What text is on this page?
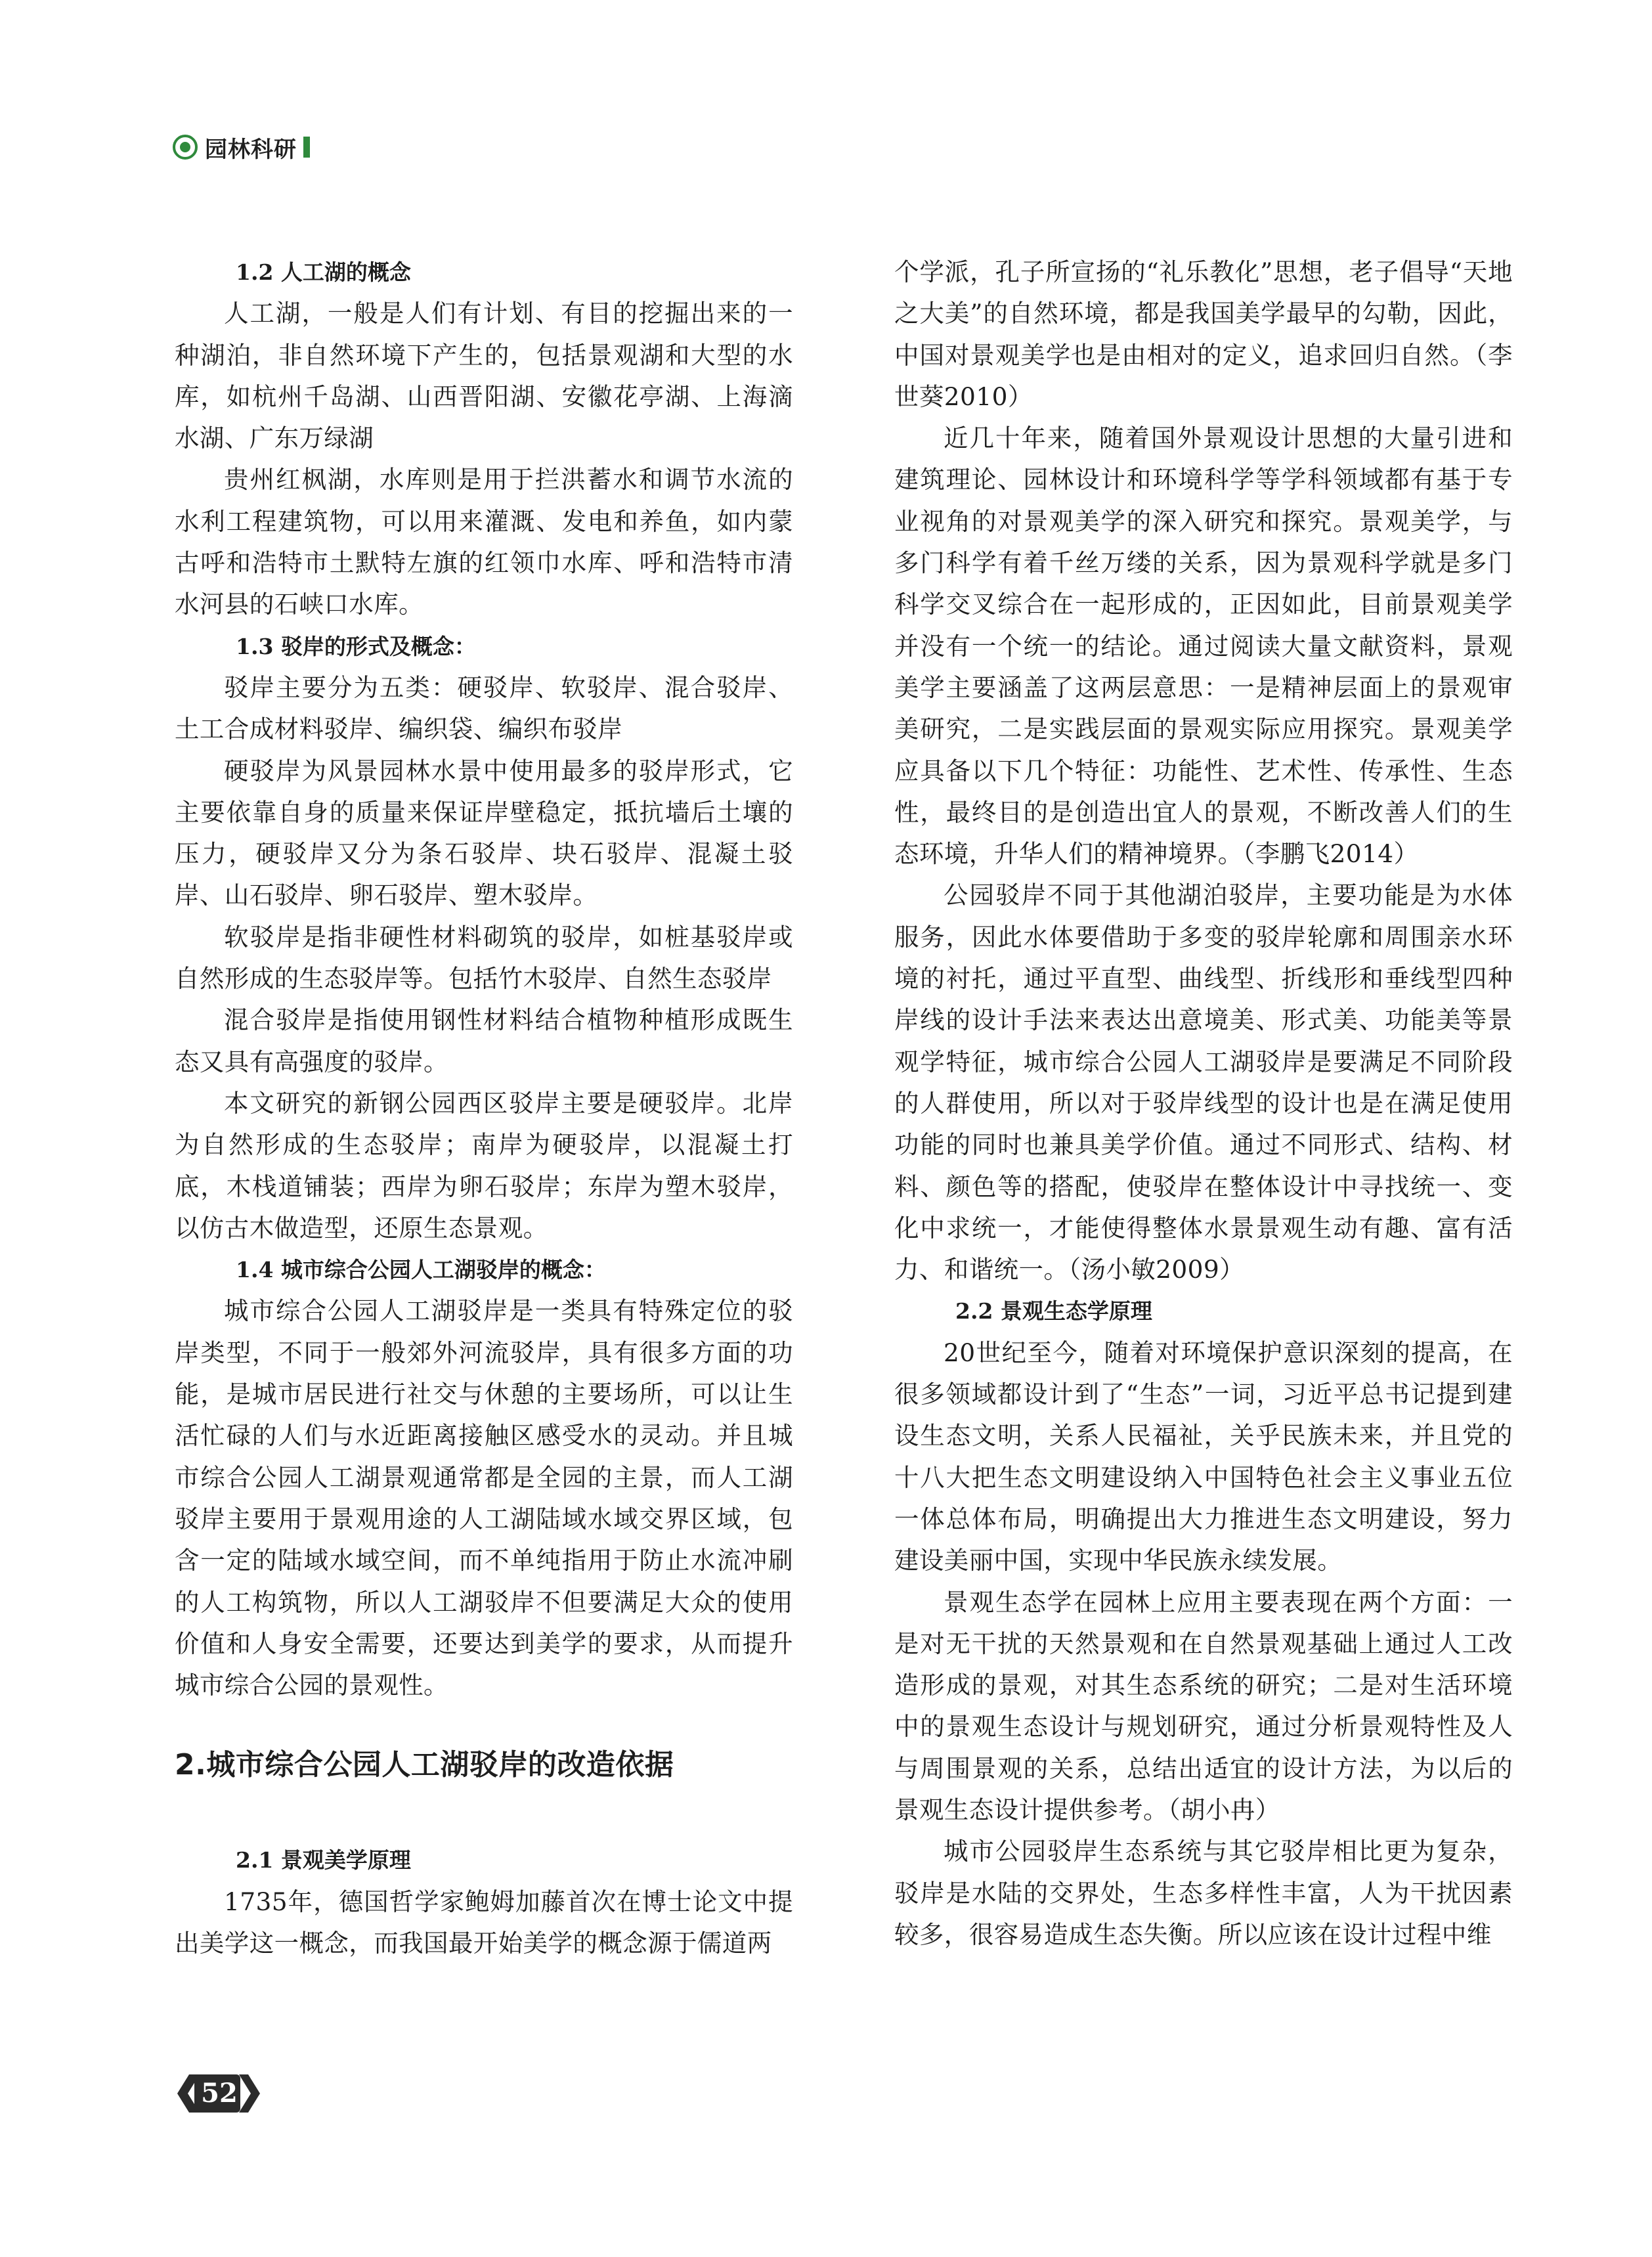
园林科研

1.2 人工湖的概念

人工湖，一般是人们有计划、有目的挖掘出来的一种湖泊，非自然环境下产生的，包括景观湖和大型的水库，如杭州千岛湖、山西晋阳湖、安徽花亭湖、上海滴水湖、广东万绿湖

贵州红枫湖，水库则是用于拦洪蓄水和调节水流的水利工程建筑物，可以用来灌溉、发电和养鱼，如内蒙古呼和浩特市土默特左旗的红领巾水库、呼和浩特市清水河县的石峡口水库。

1.3 驳岸的形式及概念：

驳岸主要分为五类：硬驳岸、软驳岸、混合驳岸、土工合成材料驳岸、编织袋、编织布驳岸

硬驳岸为风景园林水景中使用最多的驳岸形式，它主要依靠自身的质量来保证岸壁稳定，抵抗墙后土壤的压力，硬驳岸又分为条石驳岸、块石驳岸、混凝土驳岸、山石驳岸、卵石驳岸、塑木驳岸。

软驳岸是指非硬性材料砌筑的驳岸，如桩基驳岸或自然形成的生态驳岸等。包括竹木驳岸、自然生态驳岸

混合驳岸是指使用钢性材料结合植物种植形成既生态又具有高强度的驳岸。

本文研究的新钢公园西区驳岸主要是硬驳岸。北岸为自然形成的生态驳岸；南岸为硬驳岸，以混凝土打底，木栈道铺装；西岸为卵石驳岸；东岸为塑木驳岸，以仿古木做造型，还原生态景观。

1.4 城市综合公园人工湖驳岸的概念：

城市综合公园人工湖驳岸是一类具有特殊定位的驳岸类型，不同于一般郊外河流驳岸，具有很多方面的功能，是城市居民进行社交与休憩的主要场所，可以让生活忙碌的人们与水近距离接触区感受水的灵动。并且城市综合公园人工湖景观通常都是全园的主景，而人工湖驳岸主要用于景观用途的人工湖陆域水域交界区域，包含一定的陆域水域空间，而不单纯指用于防止水流冲刷的人工构筑物，所以人工湖驳岸不但要满足大众的使用价值和人身安全需要，还要达到美学的要求，从而提升城市综合公园的景观性。

2.城市综合公园人工湖驳岸的改造依据

2.1 景观美学原理

1735年，德国哲学家鲍姆加藤首次在博士论文中提出美学这一概念，而我国最开始美学的概念源于儒道两

个学派，孔子所宣扬的“礼乐教化”思想，老子倡导“天地之大美”的自然环境，都是我国美学最早的勾勒，因此，中国对景观美学也是由相对的定义，追求回归自然。（李世葵2010）

近几十年来，随着国外景观设计思想的大量引进和建筑理论、园林设计和环境科学等学科领域都有基于专业视角的对景观美学的深入研究和探究。景观美学，与多门科学有着千丝万缕的关系，因为景观科学就是多门科学交叉综合在一起形成的，正因如此，目前景观美学并没有一个统一的结论。通过阅读大量文献资料，景观美学主要涵盖了这两层意思：一是精神层面上的景观审美研究，二是实践层面的景观实际应用探究。景观美学应具备以下几个特征：功能性、艺术性、传承性、生态性，最终目的是创造出宜人的景观，不断改善人们的生态环境，升华人们的精神境界。（李鹏飞2014）

公园驳岸不同于其他湖泊驳岸，主要功能是为水体服务，因此水体要借助于多变的驳岸轮廓和周围亲水环境的衬托，通过平直型、曲线型、折线形和垂线型四种岸线的设计手法来表达出意境美、形式美、功能美等景观学特征，城市综合公园人工湖驳岸是要满足不同阶段的人群使用，所以对于驳岸线型的设计也是在满足使用功能的同时也兼具美学价值。通过不同形式、结构、材料、颜色等的搭配，使驳岸在整体设计中寻找统一、变化中求统一，才能使得整体水景景观生动有趣、富有活力、和谐统一。（汤小敏2009）

2.2 景观生态学原理

20世纪至今，随着对环境保护意识深刻的提高，在很多领域都设计到了“生态”一词，习近平总书记提到建设生态文明，关系人民福祉，关乎民族未来，并且党的十八大把生态文明建设纳入中国特色社会主义事业五位一体总体布局，明确提出大力推进生态文明建设，努力建设美丽中国，实现中华民族永续发展。

景观生态学在园林上应用主要表现在两个方面：一是对无干扰的天然景观和在自然景观基础上通过人工改造形成的景观，对其生态系统的研究；二是对生活环境中的景观生态设计与规划研究，通过分析景观特性及人与周围景观的关系，总结出适宜的设计方法，为以后的景观生态设计提供参考。（胡小冉）

城市公园驳岸生态系统与其它驳岸相比更为复杂，驳岸是水陆的交界处，生态多样性丰富，人为干扰因素较多，很容易造成生态失衡。所以应该在设计过程中维

52
